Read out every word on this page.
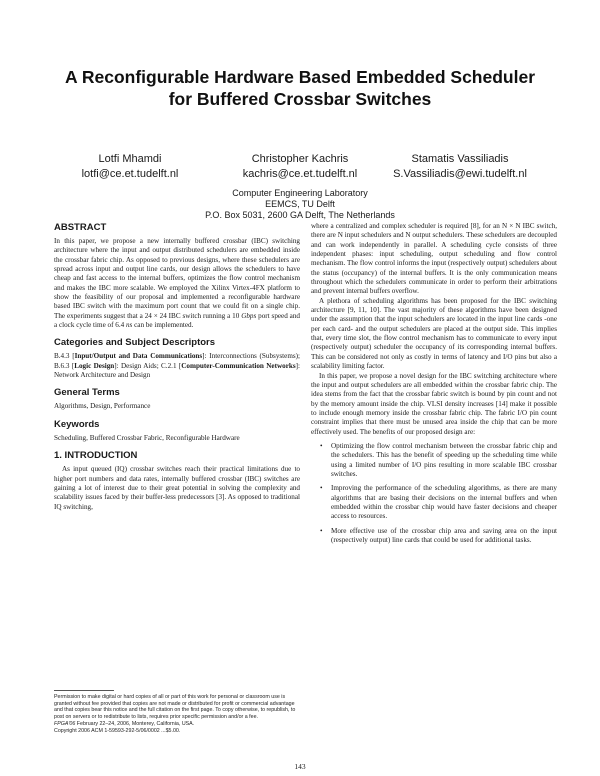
A Reconfigurable Hardware Based Embedded Scheduler
for Buffered Crossbar Switches
Lotfi Mhamdi
lotfi@ce.et.tudelft.nl
Christopher Kachris
kachris@ce.et.tudelft.nl
Stamatis Vassiliadis
S.Vassiliadis@ewi.tudelft.nl
Computer Engineering Laboratory
EEMCS, TU Delft
P.O. Box 5031, 2600 GA Delft, The Netherlands
ABSTRACT

In this paper, we propose a new internally buffered crossbar (IBC) switching architecture where the input and output distributed schedulers are embedded inside the crossbar fabric chip. As opposed to previous designs, where these schedulers are spread across input and output line cards, our design allows the schedulers to have cheap and fast access to the internal buffers, optimizes the flow control mechanism and makes the IBC more scalable. We employed the Xilinx Virtex-4FX platform to show the feasibility of our proposal and implemented a reconfigurable hardware based IBC switch with the maximum port count that we could fit on a single chip. The experiments suggest that a 24 × 24 IBC switch running a 10 Gbps port speed and a clock cycle time of 6.4 ns can be implemented.

Categories and Subject Descriptors

B.4.3 [Input/Output and Data Communications]: Interconnections (Subsystems); B.6.3 [Logic Design]: Design Aids; C.2.1 [Computer-Communication Networks]: Network Architecture and Design

General Terms

Algorithms, Design, Performance

Keywords

Scheduling, Buffered Crossbar Fabric, Reconfigurable Hardware

1. INTRODUCTION

As input queued (IQ) crossbar switches reach their practical limitations due to higher port numbers and data rates, internally buffered crossbar (IBC) switches are gaining a lot of interest due to their great potential in solving the complexity and scalability issues faced by their buffer-less predecessors [3]. As opposed to traditional IQ switching,

Permission to make digital or hard copies of all or part of this work for personal or classroom use is granted without fee provided that copies are not made or distributed for profit or commercial advantage and that copies bear this notice and the full citation on the first page. To copy otherwise, to republish, to post on servers or to redistribute to lists, requires prior specific permission and/or a fee.
FPGA'06 February 22–24, 2006, Monterey, California, USA.
Copyright 2006 ACM 1-59593-292-5/06/0002 ...$5.00.

where a centralized and complex scheduler is required [8], for an N × N IBC switch, there are N input schedulers and N output schedulers. These schedulers are decoupled and can work independently in parallel. A scheduling cycle consists of three independent phases: input scheduling, output scheduling and flow control mechanism. The flow control informs the input (respectively output) schedulers about the status (occupancy) of the internal buffers. It is the only communication means throughout which the schedulers communicate in order to perform their arbitrations and prevent internal buffers overflow.

A plethora of scheduling algorithms has been proposed for the IBC switching architecture [9, 11, 10]. The vast majority of these algorithms have been designed under the assumption that the input schedulers are located in the input line cards -one per each card- and the output schedulers are placed at the output side. This implies that, every time slot, the flow control mechanism has to communicate to every input (respectively output) scheduler the occupancy of its corresponding internal buffers. This can be considered not only as costly in terms of latency and I/O pins but also a scalability limiting factor.

In this paper, we propose a novel design for the IBC switching architecture where the input and output schedulers are all embedded within the crossbar fabric chip. The idea stems from the fact that the crossbar fabric switch is bound by pin count and not by the memory amount inside the chip. VLSI density increases [14] make it possible to include enough memory inside the crossbar fabric chip. The fabric I/O pin count constraint implies that there must be unused area inside the chip that can be more effectively used. The benefits of our proposed design are:

• Optimizing the flow control mechanism between the crossbar fabric chip and the schedulers. This has the benefit of speeding up the scheduling time while using a limited number of I/O pins resulting in more scalable IBC crossbar switches.
• Improving the performance of the scheduling algorithms, as there are many algorithms that are basing their decisions on the internal buffers and when embedded within the crossbar chip would have faster decisions and cheaper access to resources.
• More effective use of the crossbar chip area and saving area on the input (respectively output) line cards that could be used for additional tasks.
143
